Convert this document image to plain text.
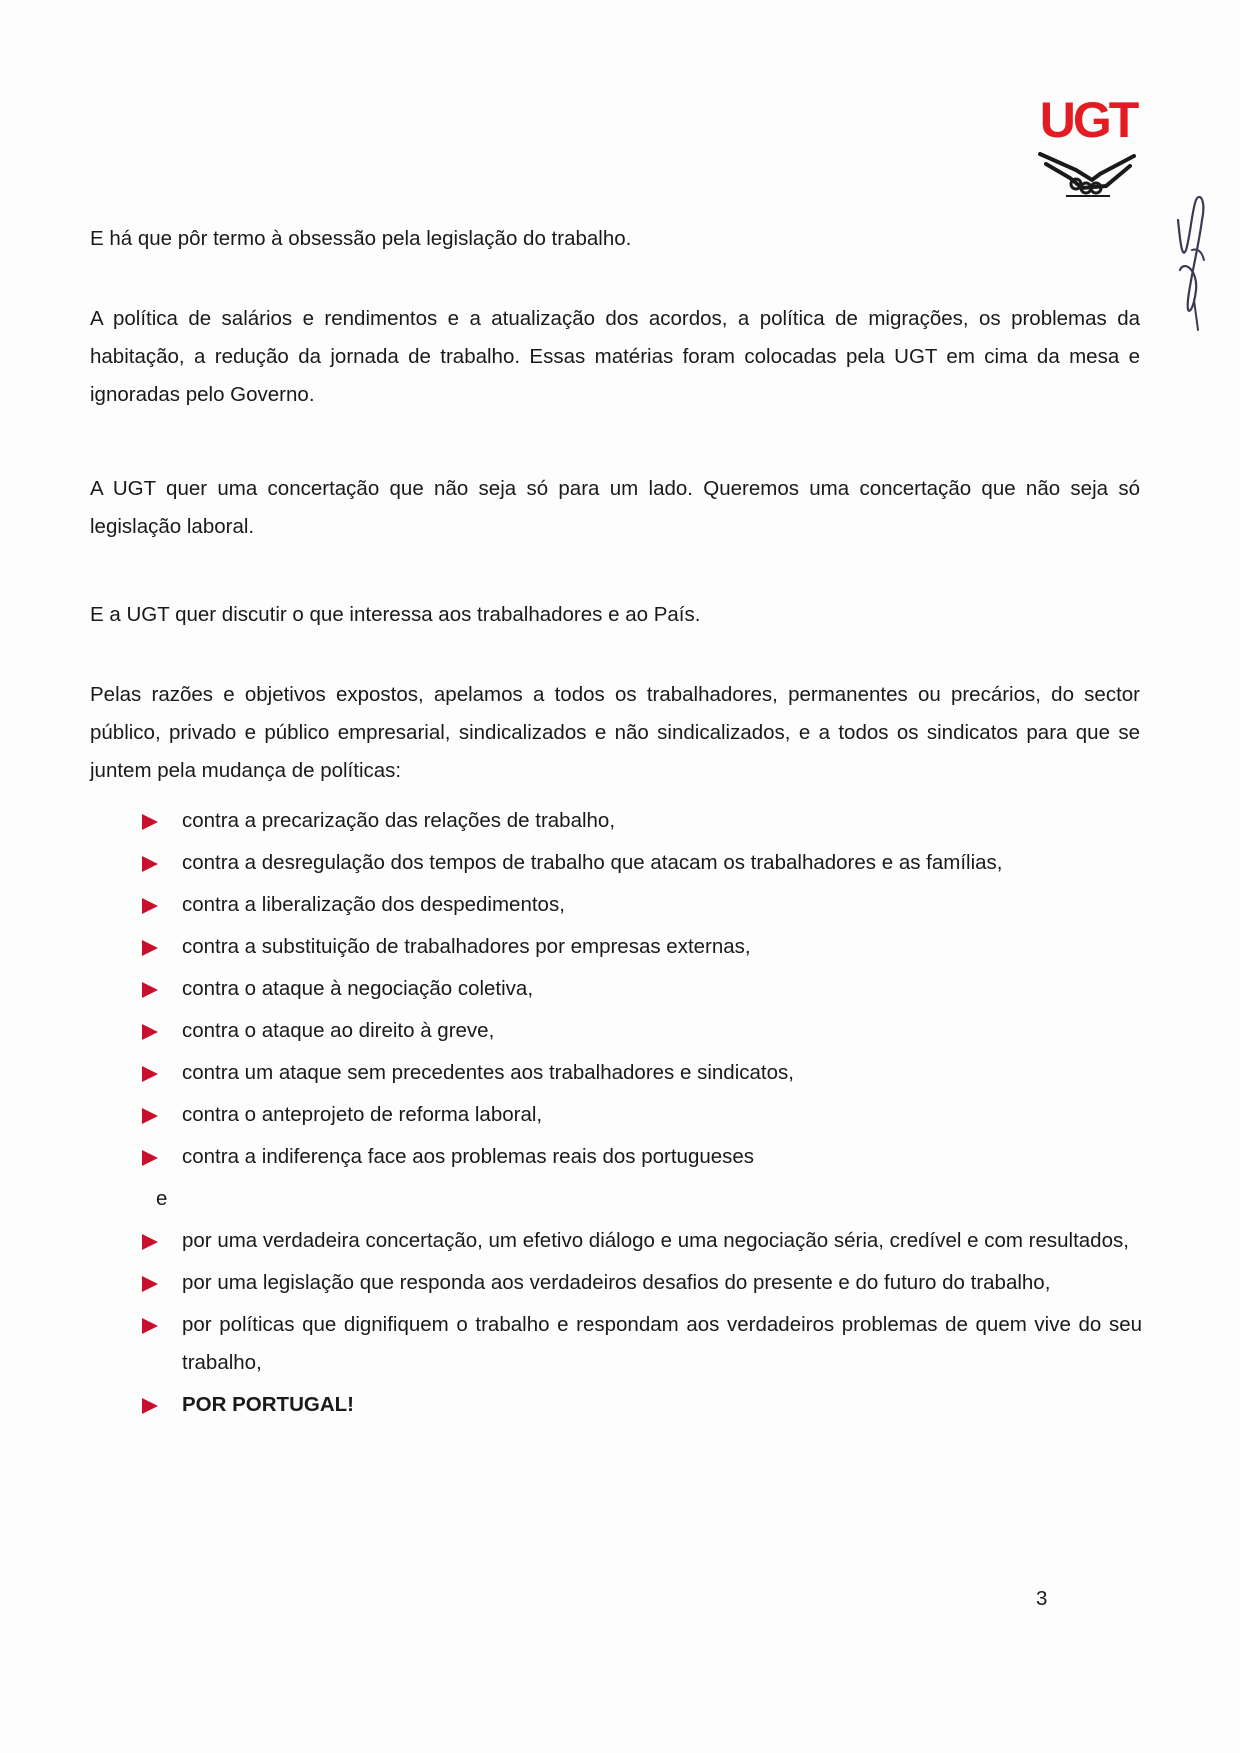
UGT

E há que pôr termo à obsessão pela legislação do trabalho.

A política de salários e rendimentos e a atualização dos acordos, a política de migrações, os problemas da habitação, a redução da jornada de trabalho. Essas matérias foram colocadas pela UGT em cima da mesa e ignoradas pelo Governo.

A UGT quer uma concertação que não seja só para um lado. Queremos uma concertação que não seja só legislação laboral.

E a UGT quer discutir o que interessa aos trabalhadores e ao País.

Pelas razões e objetivos expostos, apelamos a todos os trabalhadores, permanentes ou precários, do sector público, privado e público empresarial, sindicalizados e não sindicalizados, e a todos os sindicatos para que se juntem pela mudança de políticas:

contra a precarização das relações de trabalho,
contra a desregulação dos tempos de trabalho que atacam os trabalhadores e as famílias,
contra a liberalização dos despedimentos,
contra a substituição de trabalhadores por empresas externas,
contra o ataque à negociação coletiva,
contra o ataque ao direito à greve,
contra um ataque sem precedentes aos trabalhadores e sindicatos,
contra o anteprojeto de reforma laboral,
contra a indiferença face aos problemas reais dos portugueses
e
por uma verdadeira concertação, um efetivo diálogo e uma negociação séria, credível e com resultados,
por uma legislação que responda aos verdadeiros desafios do presente e do futuro do trabalho,
por políticas que dignifiquem o trabalho e respondam aos verdadeiros problemas de quem vive do seu trabalho,
POR PORTUGAL!
3
